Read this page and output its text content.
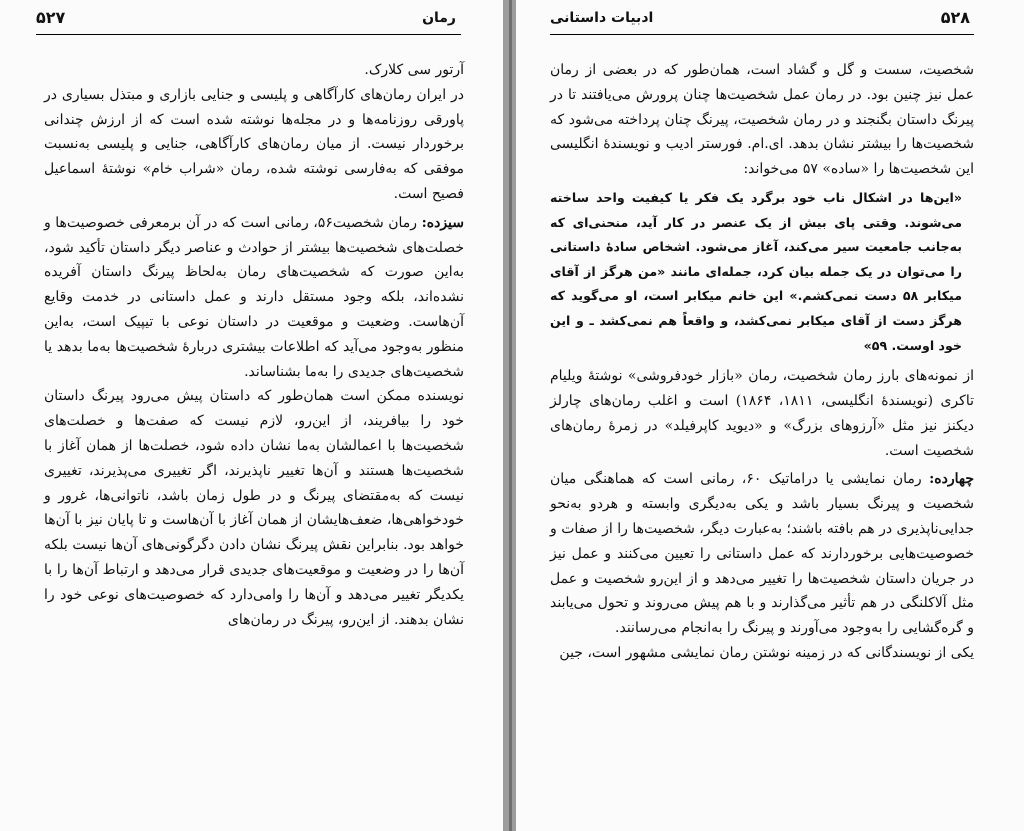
رمان
۵۲۷

آرتور سی کلارک.

در ایران رمان‌های کارآگاهی و پلیسی و جنایی بازاری و مبتذل بسیاری در پاورقی روزنامه‌ها و در مجله‌ها نوشته شده است که از ارزش چندانی برخوردار نیست. از میان رمان‌های کارآگاهی، جنایی و پلیسی به‌نسبت موفقی که به‌فارسی نوشته شده، رمان «شراب خام» نوشتهٔ اسماعیل فصیح است.

سیزده: رمان شخصیت۵۶، رمانی است که در آن برمعرفی خصوصیت‌ها و خصلت‌های شخصیت‌ها بیشتر از حوادث و عناصر دیگر داستان تأکید شود، به‌این صورت که شخصیت‌های رمان به‌لحاظ پیرنگ داستان آفریده نشده‌اند، بلکه وجود مستقل دارند و عمل داستانی در خدمت وقایع آن‌هاست. وضعیت و موقعیت در داستان نوعی با تیپیک است، به‌این منظور به‌وجود می‌آید که اطلاعات بیشتری دربارهٔ شخصیت‌ها به‌ما بدهد یا شخصیت‌های جدیدی را به‌ما بشناساند.

نویسنده ممکن است همان‌طور که داستان پیش می‌رود پیرنگ داستان خود را بیافریند، از این‌رو، لازم نیست که صفت‌ها و خصلت‌های شخصیت‌ها با اعمالشان به‌ما نشان داده شود، خصلت‌ها از همان آغاز با شخصیت‌ها هستند و آن‌ها تغییر ناپذیرند، اگر تغییری می‌پذیرند، تغییری نیست که به‌مقتضای پیرنگ و در طول زمان باشد، ناتوانی‌ها، غرور و خودخواهی‌ها، ضعف‌هایشان از همان آغاز با آن‌هاست و تا پایان نیز با آن‌ها خواهد بود. بنابراین نقش پیرنگ نشان دادن دگرگونی‌های آن‌ها نیست بلکه آن‌ها را در وضعیت و موقعیت‌های جدیدی قرار می‌دهد و ارتباط آن‌ها را با یکدیگر تغییر می‌دهد و آن‌ها را وامی‌دارد که خصوصیت‌های نوعی خود را نشان بدهند. از این‌رو، پیرنگ در رمان‌های

ادبیات داستانی	۵۲۸

شخصیت، سست و گل و گشاد است، همان‌طور که در بعضی از رمان عمل نیز چنین بود. در رمان عمل شخصیت‌ها چنان پرورش می‌یافتند تا در پیرنگ داستان بگنجند و در رمان شخصیت، پیرنگ چنان پرداخته می‌شود که شخصیت‌ها را بیشتر نشان بدهد. ای.ام. فورستر ادیب و نویسندهٔ انگلیسی این شخصیت‌ها را «ساده» ۵۷ می‌خواند:

«این‌ها در اشکال ناب خود برگرد یک فکر یا کیفیت واحد ساخته می‌شوند. وقتی پای بیش از یک عنصر در کار آید، منحنی‌ای که به‌جانب جامعیت سیر می‌کند، آغاز می‌شود. اشخاص سادهٔ داستانی را می‌توان در یک جمله بیان کرد، جمله‌ای مانند «من هرگز از آقای میکابر ۵۸ دست نمی‌کشم.» این خانم میکابر است، او می‌گوید که هرگز دست از آقای میکابر نمی‌کشد، و واقعاً هم نمی‌کشد ـ و این خود اوست. ۵۹»

از نمونه‌های بارز رمان شخصیت، رمان «بازار خودفروشی» نوشتهٔ ویلیام تاکری (نویسندهٔ انگلیسی، ۱۸۱۱، ۱۸۶۴) است و اغلب رمان‌های چارلز دیکنز نیز مثل «آرزوهای بزرگ» و «دیوید کاپرفیلد» در زمرهٔ رمان‌های شخصیت است.

چهارده: رمان نمایشی یا دراماتیک ۶۰، رمانی است که هماهنگی میان شخصیت و پیرنگ بسیار باشد و یکی به‌دیگری وابسته و هردو به‌نحو جدایی‌ناپذیری در هم بافته باشند؛ به‌عبارت دیگر، شخصیت‌ها را از صفات و خصوصیت‌هایی برخوردارند که عمل داستانی را تعیین می‌کنند و عمل نیز در جریان داستان شخصیت‌ها را تغییر می‌دهد و از این‌رو شخصیت و عمل مثل آلاکلنگی در هم تأثیر می‌گذارند و با هم پیش می‌روند و تحول می‌یابند و گره‌گشایی را به‌وجود می‌آورند و پیرنگ را به‌انجام می‌رسانند.

یکی از نویسندگانی که در زمینه نوشتن رمان نمایشی مشهور است، جین
